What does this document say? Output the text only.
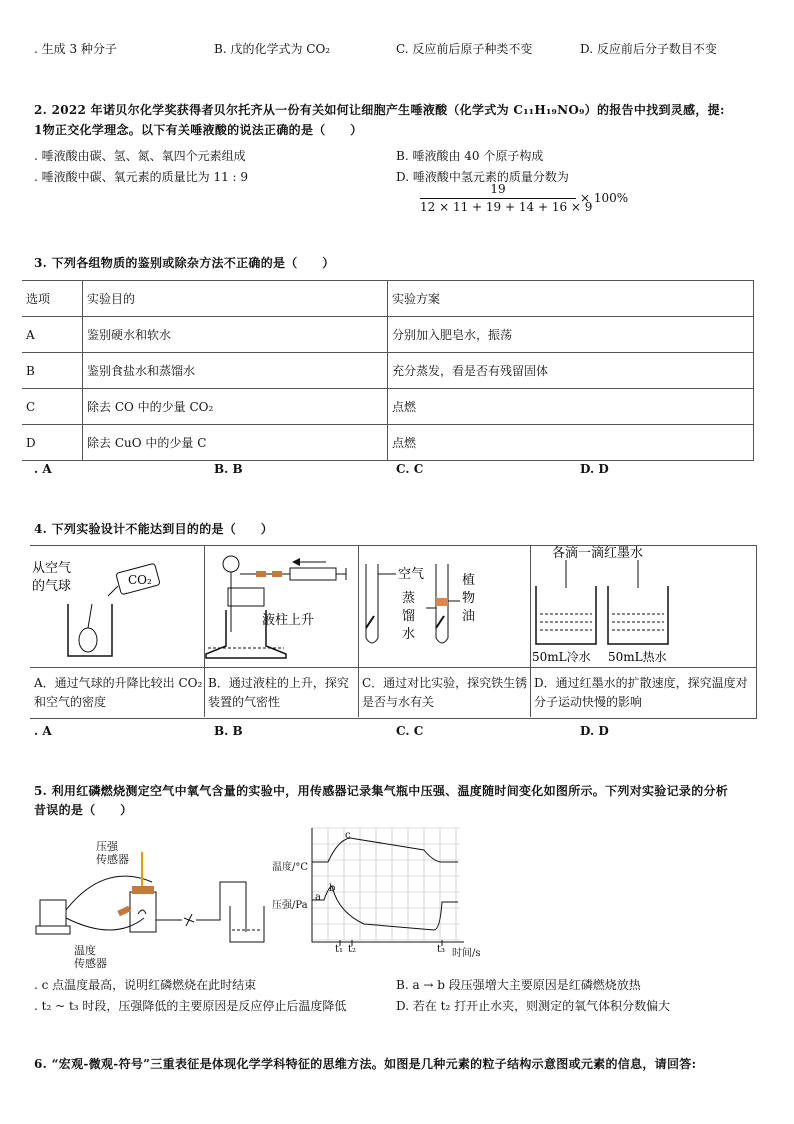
. 生成 3 种分子	B. 戊的化学式为 CO₂	C. 反应前后原子种类不变	D. 反应前后分子数目不变
2. 2022 年诺贝尔化学奖获得者贝尔托齐从一份有关如何让细胞产生唾液酸（化学式为 C₁₁H₁₉NO₉）的报告中找到灵感，提:
1物正交化学理念。以下有关唾液酸的说法正确的是（　　）
. 唾液酸由碳、氢、氮、氧四个元素组成	B. 唾液酸由 40 个原子构成
. 唾液酸中碳、氧元素的质量比为 11 : 9	D. 唾液酸中氢元素的质量分数为
19
12 × 11 + 19 + 14 + 16 × 9
× 100%
3. 下列各组物质的鉴别或除杂方法不正确的是（　　）
选项	实验目的	实验方案
A	鉴别硬水和软水	分别加入肥皂水，振荡
B	鉴别食盐水和蒸馏水	充分蒸发，看是否有残留固体
C	除去 CO 中的少量 CO₂	点燃
D	除去 CuO 中的少量 C	点燃
. A	B. B	C. C	D. D
4. 下列实验设计不能达到目的的是（　　）
从空气
的气球	CO₂
液柱上升
空气	植
物
油
蒸
馏
水
各滴一滴红墨水
50mL冷水 50mL热水
A．通过气球的升降比较出 CO₂ 和空气的密度
B．通过液柱的上升，探究装置的气密性
C．通过对比实验，探究铁生锈是否与水有关
D．通过红墨水的扩散速度，探究温度对分子运动快慢的影响
. A	B. B	C. C	D. D
5. 利用红磷燃烧测定空气中氧气含量的实验中，用传感器记录集气瓶中压强、温度随时间变化如图所示。下列对实验记录的分析
昔误的是（　　）
压强
传感器
温度
传感器
温度/°C
压强/Pa
a
b
c
t₁ t₂	t₃ 时间/s
. c 点温度最高，说明红磷燃烧在此时结束	B. a → b 段压强增大主要原因是红磷燃烧放热
. t₂ ~ t₃ 时段，压强降低的主要原因是反应停止后温度降低	D. 若在 t₂ 打开止水夹，则测定的氧气体积分数偏大
6. “宏观-微观-符号”三重表征是体现化学学科特征的思维方法。如图是几种元素的粒子结构示意图或元素的信息，请回答:
